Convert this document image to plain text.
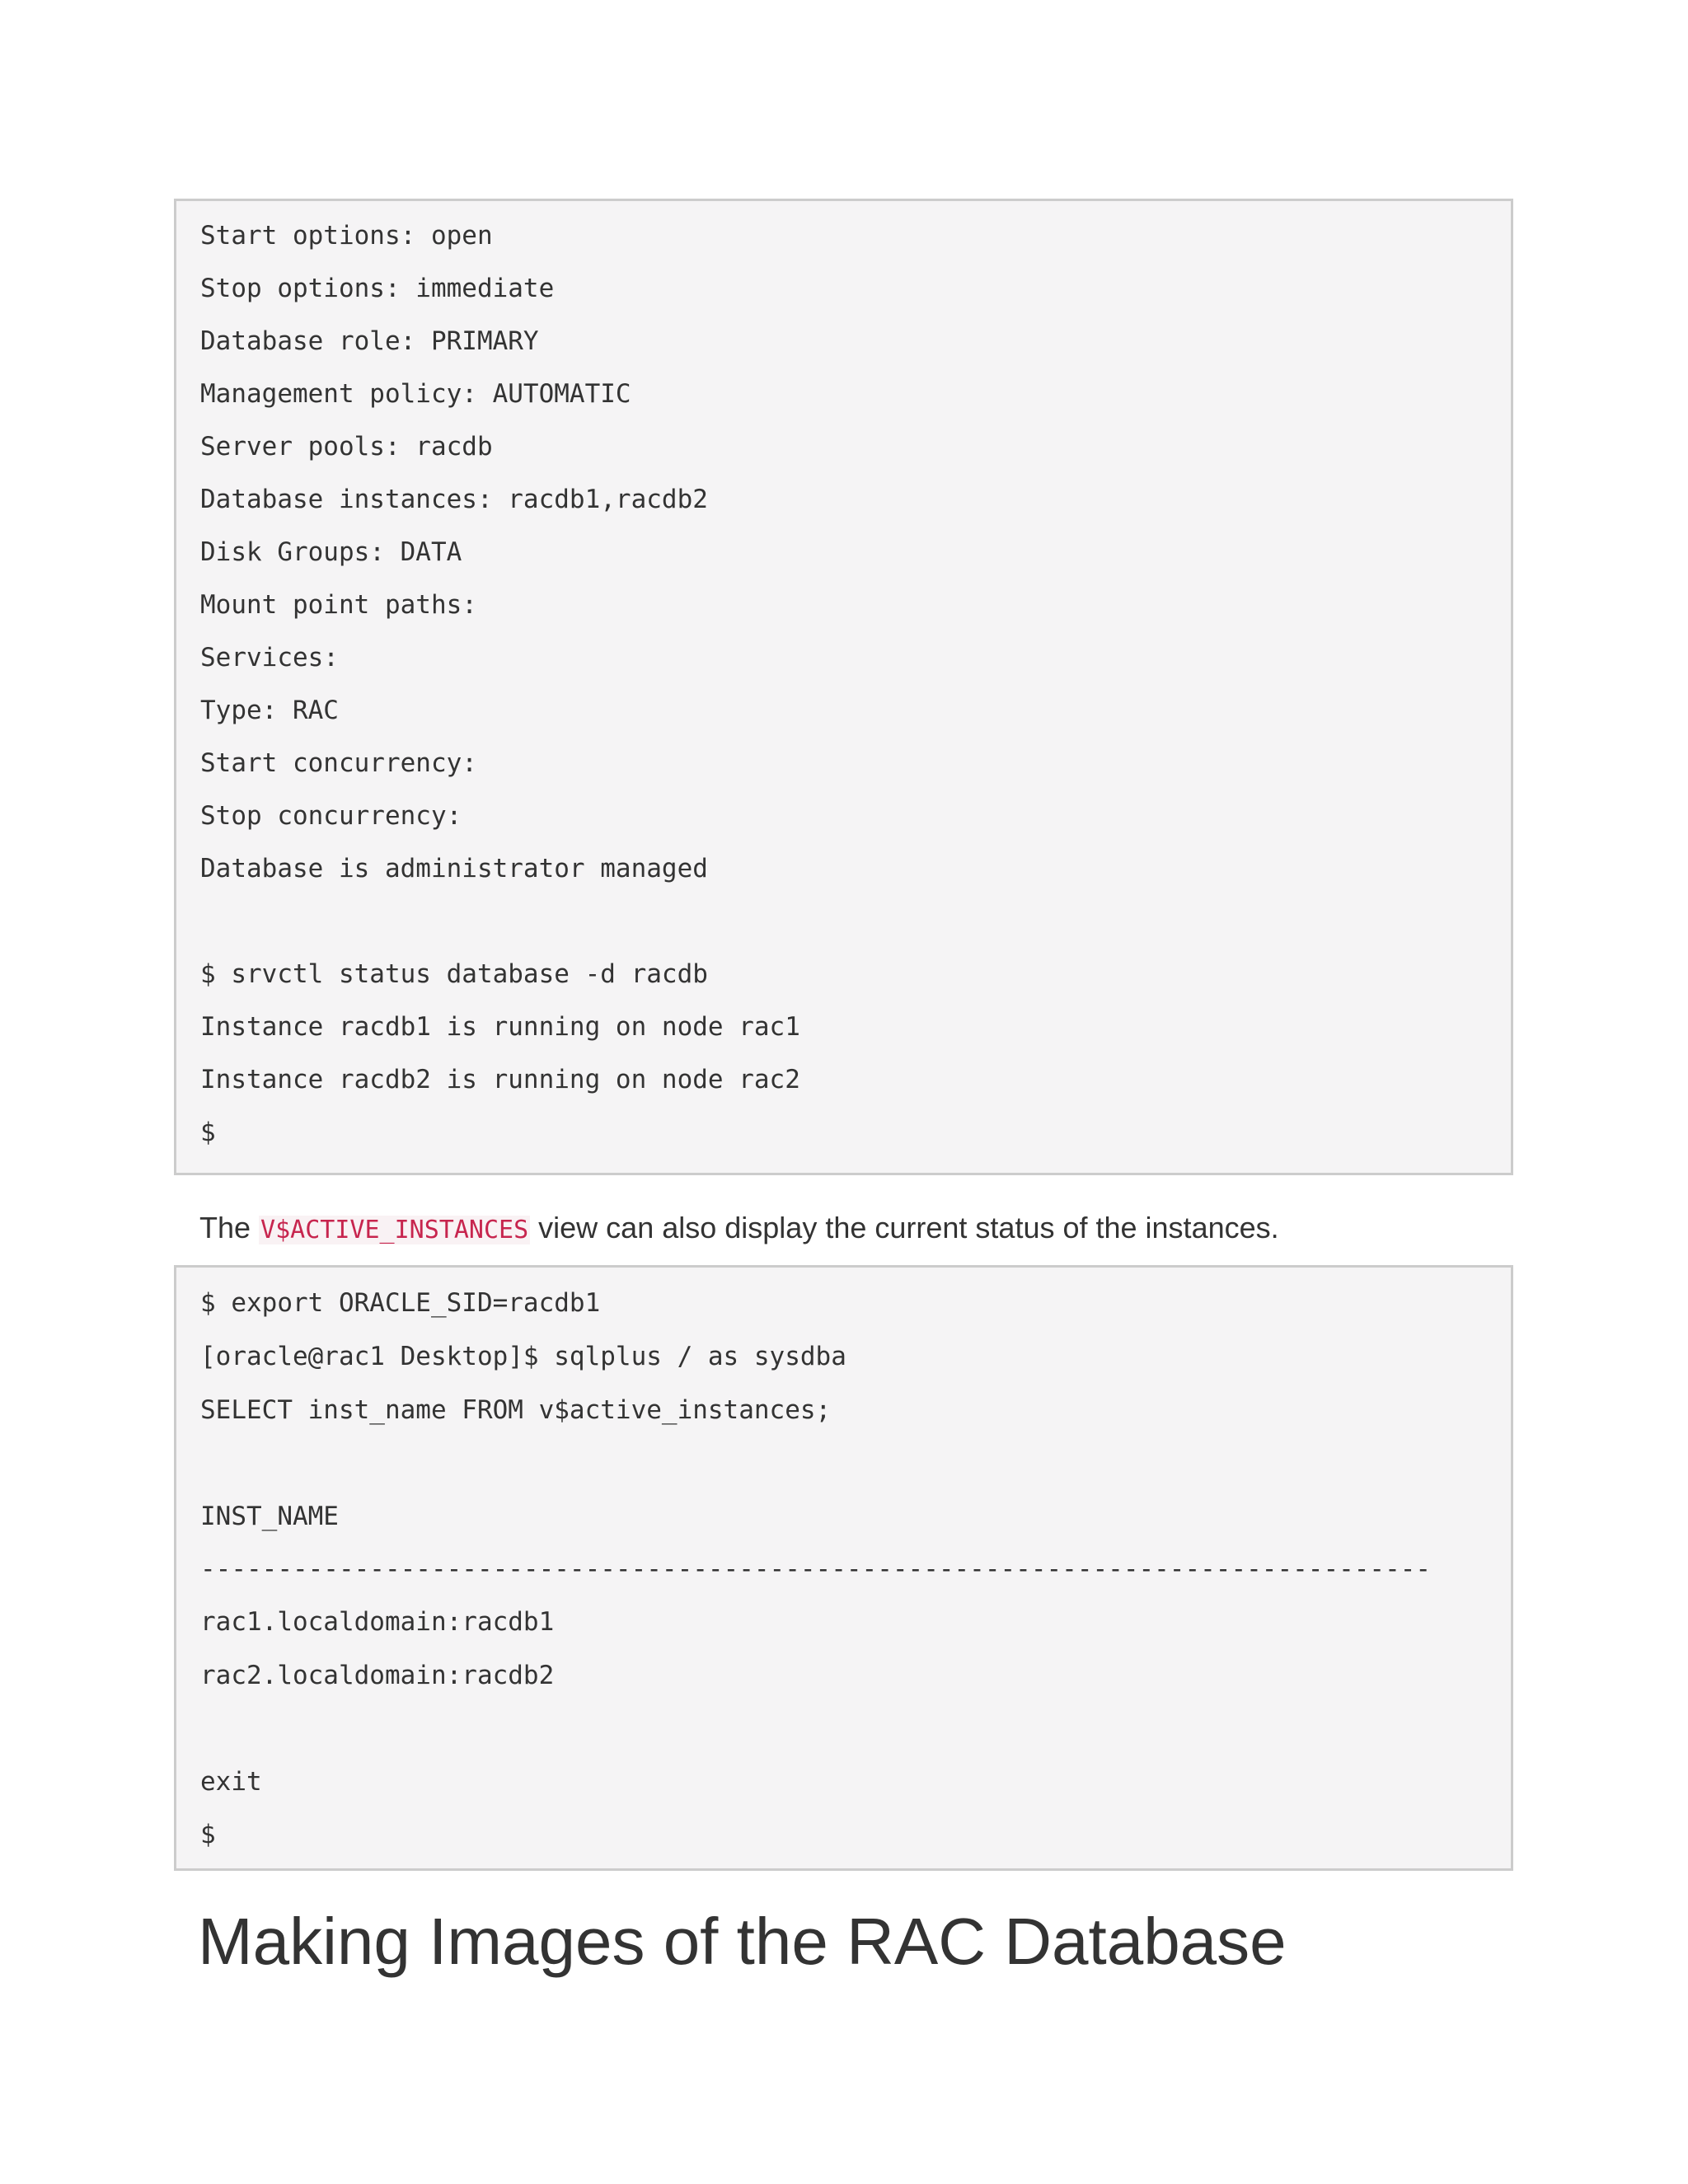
Start options: open
Stop options: immediate
Database role: PRIMARY
Management policy: AUTOMATIC
Server pools: racdb
Database instances: racdb1,racdb2
Disk Groups: DATA
Mount point paths:
Services:
Type: RAC
Start concurrency:
Stop concurrency:
Database is administrator managed
$ srvctl status database -d racdb
Instance racdb1 is running on node rac1
Instance racdb2 is running on node rac2
$
The V$ACTIVE_INSTANCES view can also display the current status of the instances.
$ export ORACLE_SID=racdb1
[oracle@rac1 Desktop]$ sqlplus / as sysdba
SELECT inst_name FROM v$active_instances;
INST_NAME
--------------------------------------------------------------------------------
rac1.localdomain:racdb1
rac2.localdomain:racdb2
exit
$
Making Images of the RAC Database
